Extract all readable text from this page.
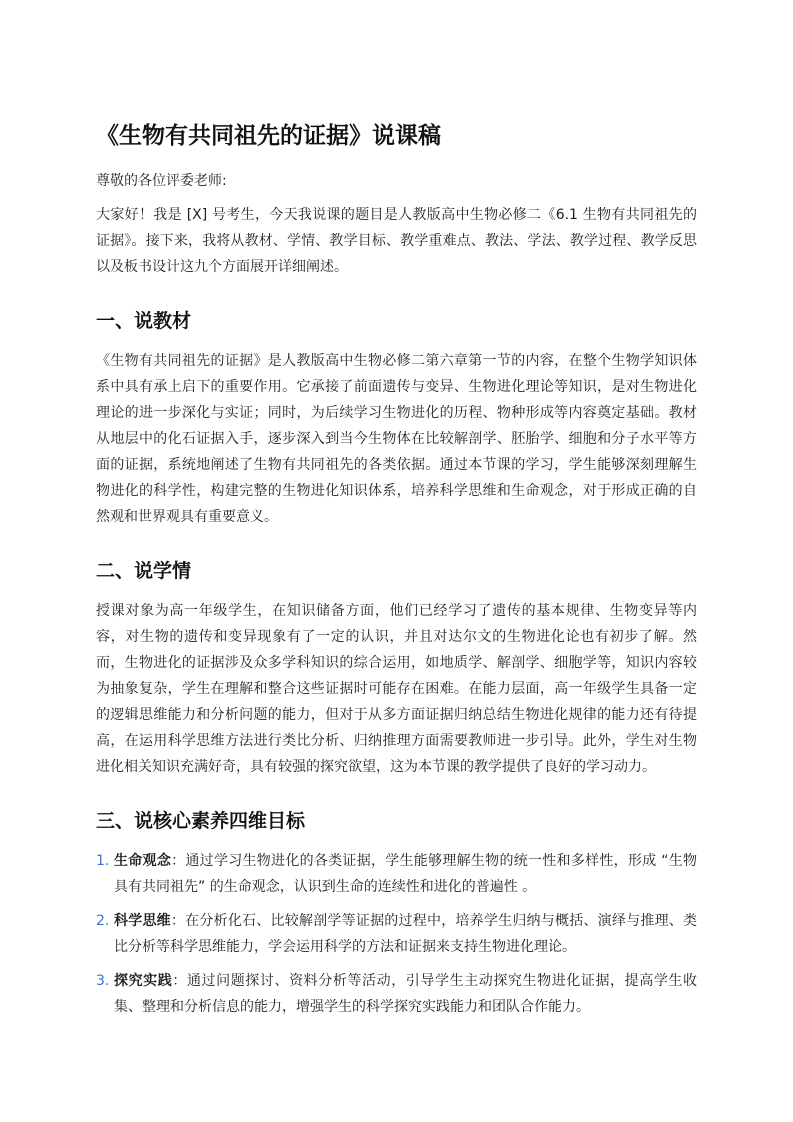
《生物有共同祖先的证据》说课稿

尊敬的各位评委老师:

大家好！我是 [X] 号考生，今天我说课的题目是人教版高中生物必修二《6.1 生物有共同祖先的证据》。接下来，我将从教材、学情、教学目标、教学重难点、教法、学法、教学过程、教学反思以及板书设计这九个方面展开详细阐述。

一、说教材

《生物有共同祖先的证据》是人教版高中生物必修二第六章第一节的内容，在整个生物学知识体系中具有承上启下的重要作用。它承接了前面遗传与变异、生物进化理论等知识，是对生物进化理论的进一步深化与实证；同时，为后续学习生物进化的历程、物种形成等内容奠定基础。教材从地层中的化石证据入手，逐步深入到当今生物体在比较解剖学、胚胎学、细胞和分子水平等方面的证据，系统地阐述了生物有共同祖先的各类依据。通过本节课的学习，学生能够深刻理解生物进化的科学性，构建完整的生物进化知识体系，培养科学思维和生命观念，对于形成正确的自然观和世界观具有重要意义。

二、说学情

授课对象为高一年级学生，在知识储备方面，他们已经学习了遗传的基本规律、生物变异等内容，对生物的遗传和变异现象有了一定的认识，并且对达尔文的生物进化论也有初步了解。然而，生物进化的证据涉及众多学科知识的综合运用，如地质学、解剖学、细胞学等，知识内容较为抽象复杂，学生在理解和整合这些证据时可能存在困难。在能力层面，高一年级学生具备一定的逻辑思维能力和分析问题的能力，但对于从多方面证据归纳总结生物进化规律的能力还有待提高，在运用科学思维方法进行类比分析、归纳推理方面需要教师进一步引导。此外，学生对生物进化相关知识充满好奇，具有较强的探究欲望，这为本节课的教学提供了良好的学习动力。

三、说核心素养四维目标
1. 生命观念：通过学习生物进化的各类证据，学生能够理解生物的统一性和多样性，形成 “生物具有共同祖先” 的生命观念，认识到生命的连续性和进化的普遍性 。
2. 科学思维：在分析化石、比较解剖学等证据的过程中，培养学生归纳与概括、演绎与推理、类比分析等科学思维能力，学会运用科学的方法和证据来支持生物进化理论。
3. 探究实践：通过问题探讨、资料分析等活动，引导学生主动探究生物进化证据，提高学生收集、整理和分析信息的能力，增强学生的科学探究实践能力和团队合作能力。
